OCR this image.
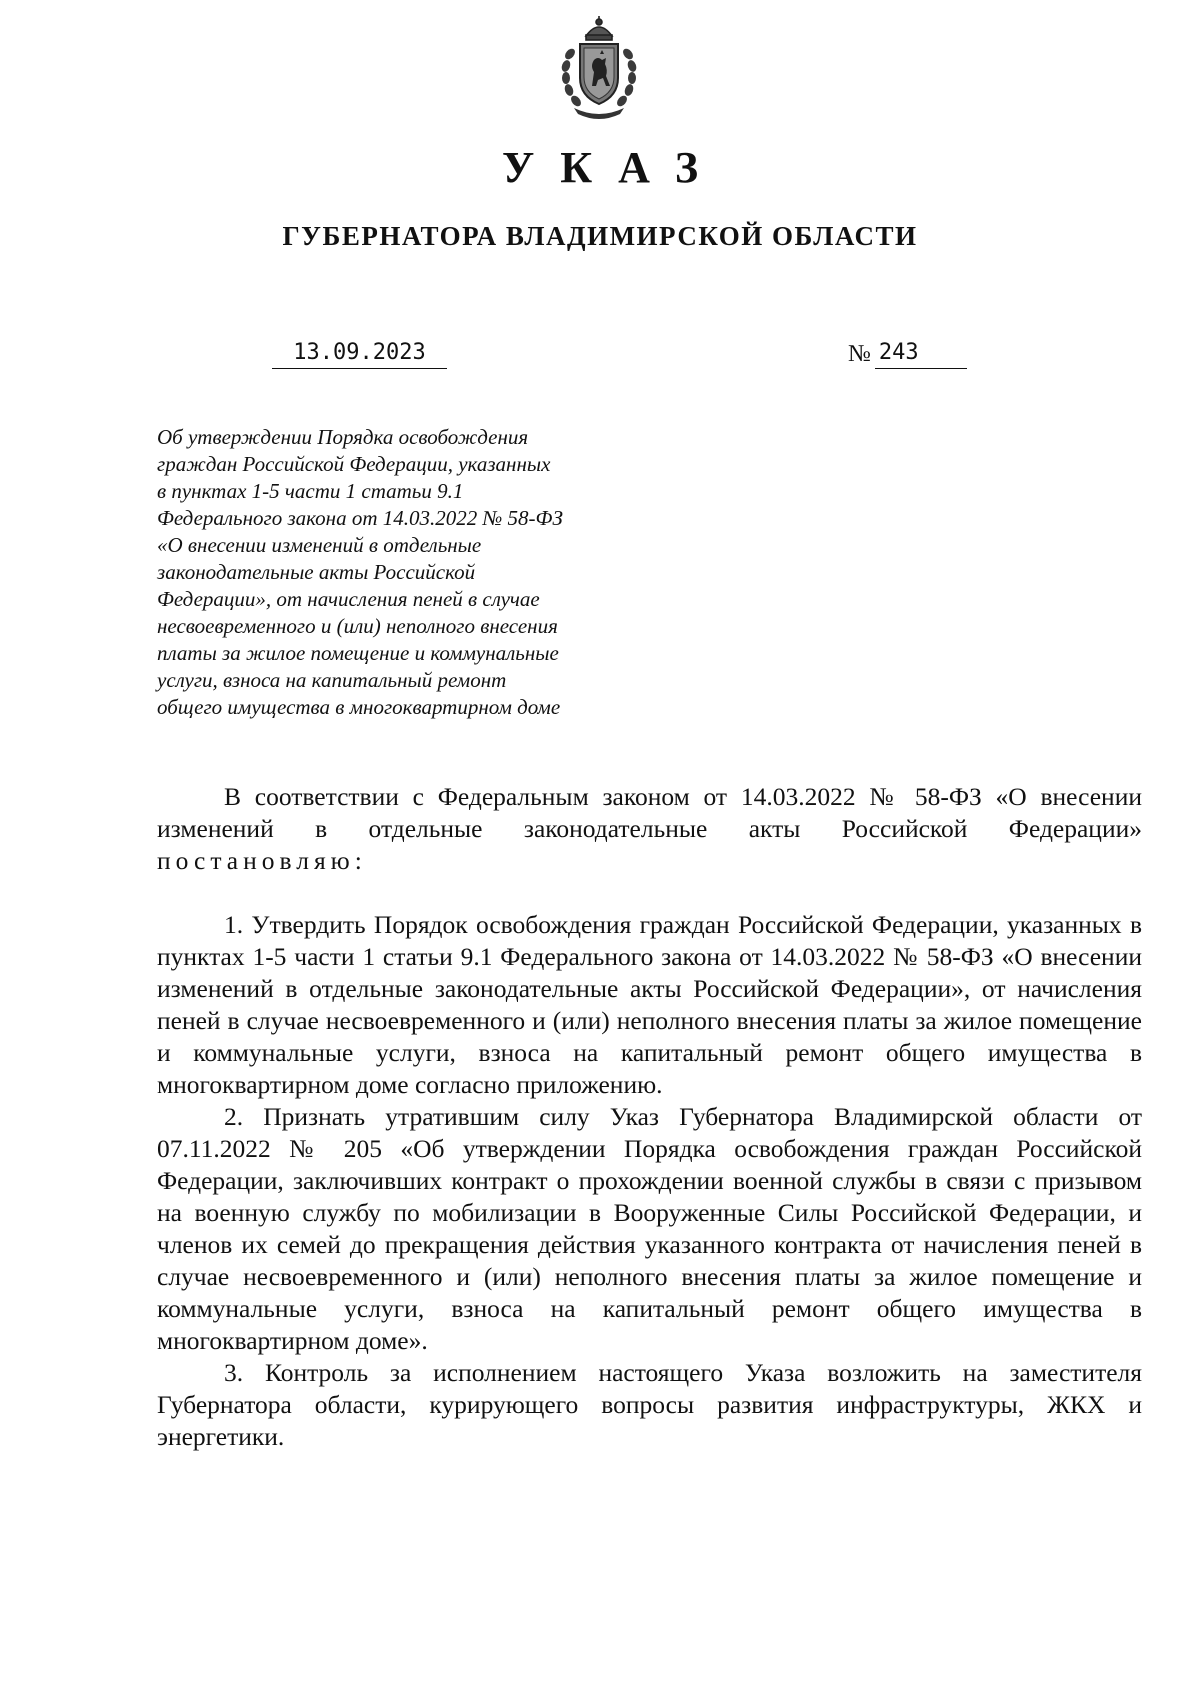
УКАЗ
ГУБЕРНАТОРА ВЛАДИМИРСКОЙ ОБЛАСТИ
13.09.2023	№ 243
Об утверждении Порядка освобождения
граждан Российской Федерации, указанных
в пунктах 1-5 части 1 статьи 9.1
Федерального закона от 14.03.2022 № 58-ФЗ
«О внесении изменений в отдельные
законодательные акты Российской
Федерации», от начисления пеней в случае
несвоевременного и (или) неполного внесения
платы за жилое помещение и коммунальные
услуги, взноса на капитальный ремонт
общего имущества в многоквартирном доме

В соответствии с Федеральным законом от 14.03.2022 № 58-ФЗ «О внесении изменений в отдельные законодательные акты Российской Федерации» постановляю:

1. Утвердить Порядок освобождения граждан Российской Федерации, указанных в пунктах 1-5 части 1 статьи 9.1 Федерального закона от 14.03.2022 № 58-ФЗ «О внесении изменений в отдельные законодательные акты Российской Федерации», от начисления пеней в случае несвоевременного и (или) неполного внесения платы за жилое помещение и коммунальные услуги, взноса на капитальный ремонт общего имущества в многоквартирном доме согласно приложению.

2. Признать утратившим силу Указ Губернатора Владимирской области от 07.11.2022 № 205 «Об утверждении Порядка освобождения граждан Российской Федерации, заключивших контракт о прохождении военной службы в связи с призывом на военную службу по мобилизации в Вооруженные Силы Российской Федерации, и членов их семей до прекращения действия указанного контракта от начисления пеней в случае несвоевременного и (или) неполного внесения платы за жилое помещение и коммунальные услуги, взноса на капитальный ремонт общего имущества в многоквартирном доме».

3. Контроль за исполнением настоящего Указа возложить на заместителя Губернатора области, курирующего вопросы развития инфраструктуры, ЖКХ и энергетики.
